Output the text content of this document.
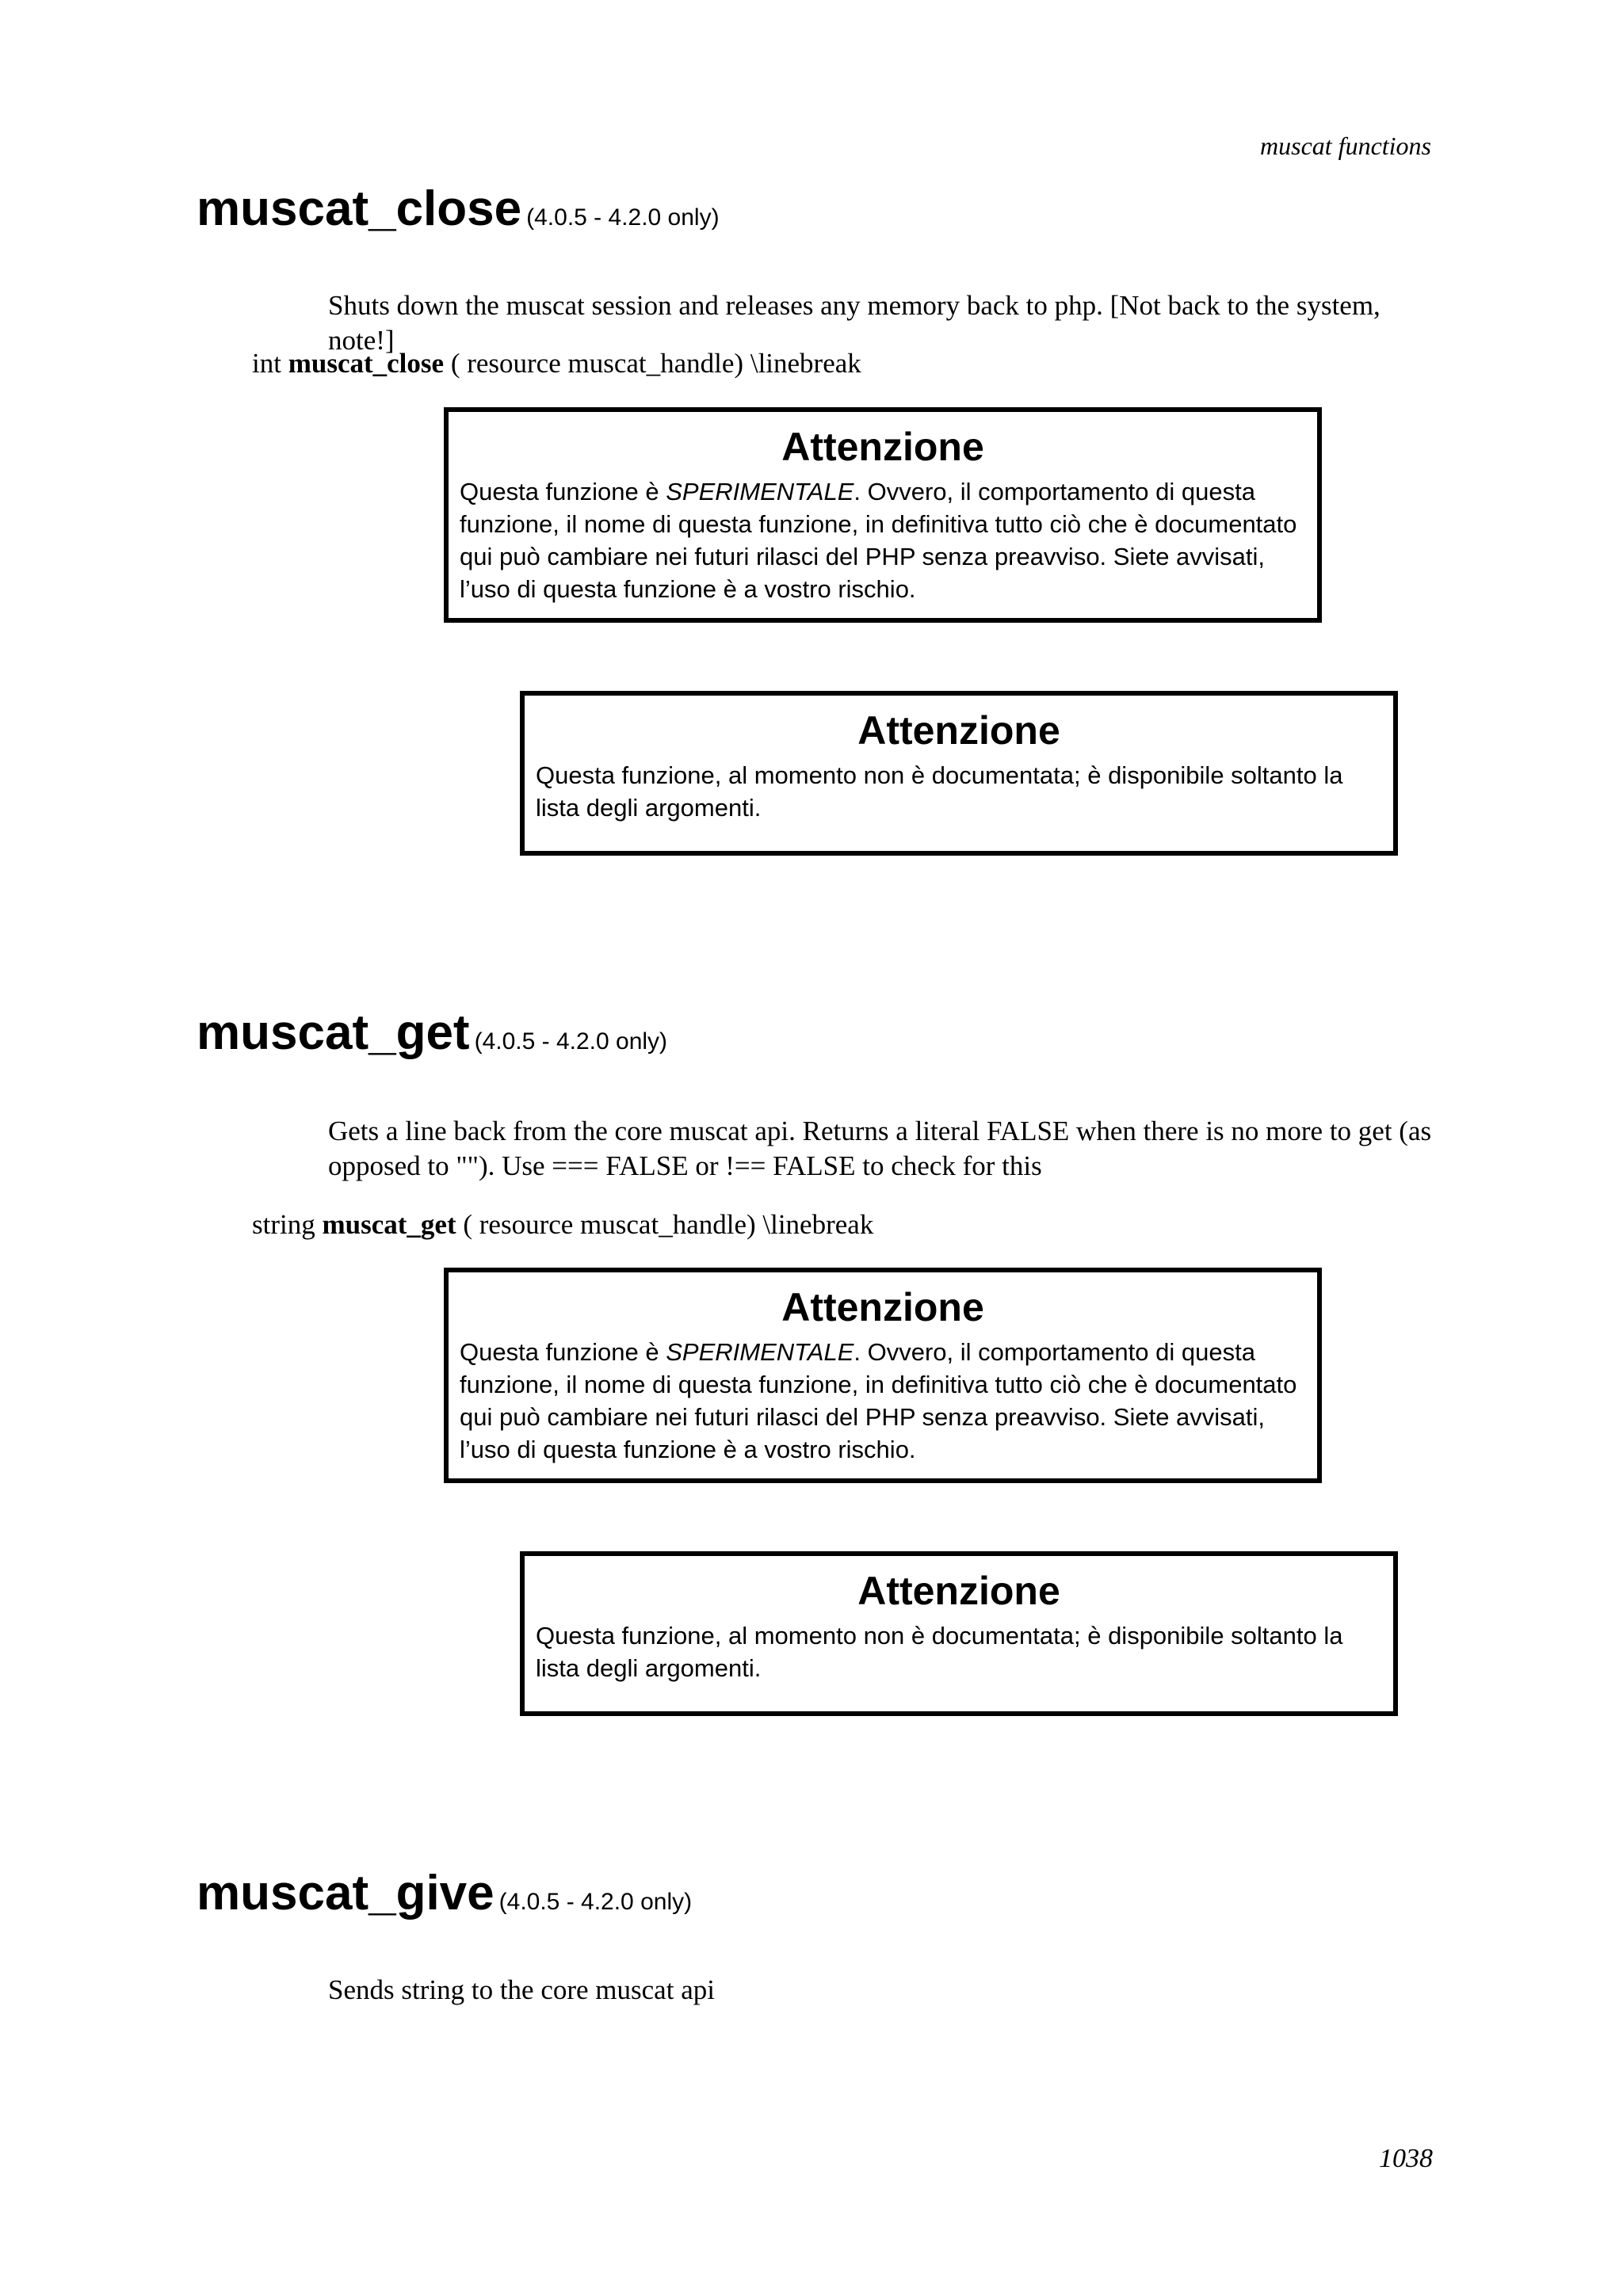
muscat functions
muscat_close (4.0.5 - 4.2.0 only)
Shuts down the muscat session and releases any memory back to php. [Not back to the system, note!]
int muscat_close ( resource muscat_handle) \linebreak
Attenzione
Questa funzione è SPERIMENTALE. Ovvero, il comportamento di questa funzione, il nome di questa funzione, in definitiva tutto ciò che è documentato qui può cambiare nei futuri rilasci del PHP senza preavviso. Siete avvisati, l’uso di questa funzione è a vostro rischio.
Attenzione
Questa funzione, al momento non è documentata; è disponibile soltanto la lista degli argomenti.
muscat_get (4.0.5 - 4.2.0 only)
Gets a line back from the core muscat api. Returns a literal FALSE when there is no more to get (as opposed to ""). Use === FALSE or !== FALSE to check for this
string muscat_get ( resource muscat_handle) \linebreak
Attenzione
Questa funzione è SPERIMENTALE. Ovvero, il comportamento di questa funzione, il nome di questa funzione, in definitiva tutto ciò che è documentato qui può cambiare nei futuri rilasci del PHP senza preavviso. Siete avvisati, l’uso di questa funzione è a vostro rischio.
Attenzione
Questa funzione, al momento non è documentata; è disponibile soltanto la lista degli argomenti.
muscat_give (4.0.5 - 4.2.0 only)
Sends string to the core muscat api
1038
